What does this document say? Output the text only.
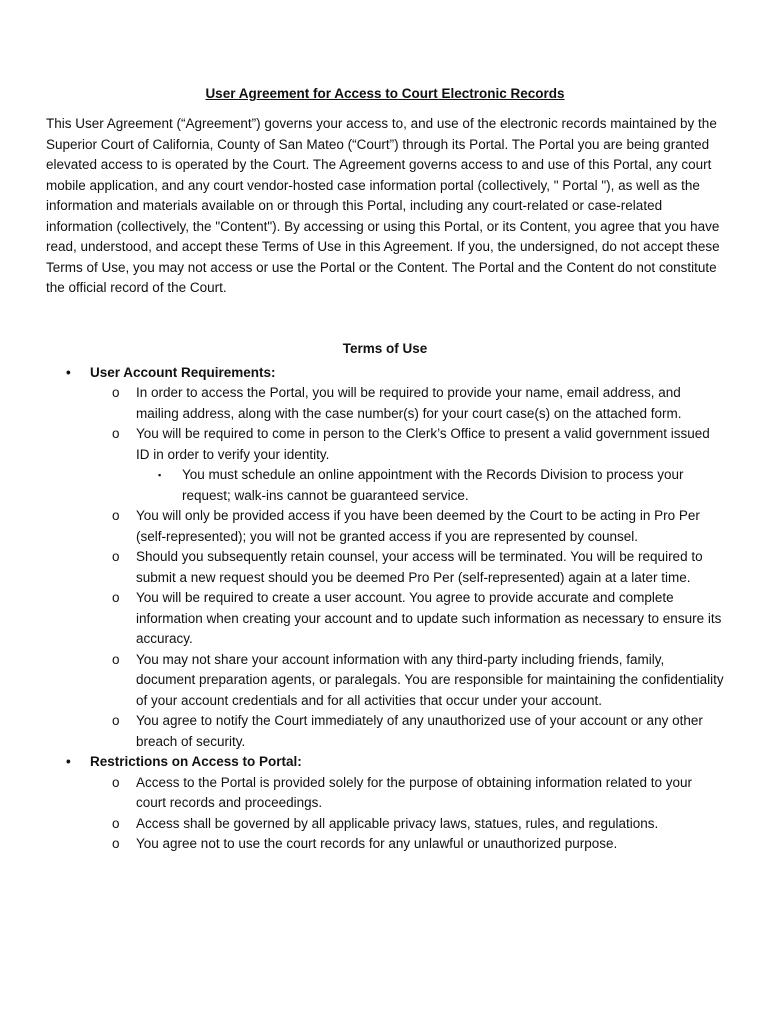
User Agreement for Access to Court Electronic Records

This User Agreement (“Agreement”) governs your access to, and use of the electronic records maintained by the Superior Court of California, County of San Mateo (“Court”) through its Portal. The Portal you are being granted elevated access to is operated by the Court. The Agreement governs access to and use of this Portal, any court mobile application, and any court vendor-hosted case information portal (collectively, " Portal "), as well as the information and materials available on or through this Portal, including any court-related or case-related information (collectively, the "Content"). By accessing or using this Portal, or its Content, you agree that you have read, understood, and accept these Terms of Use in this Agreement. If you, the undersigned, do not accept these Terms of Use, you may not access or use the Portal or the Content. The Portal and the Content do not constitute the official record of the Court.

Terms of Use
• User Account Requirements:
o In order to access the Portal, you will be required to provide your name, email address, and mailing address, along with the case number(s) for your court case(s) on the attached form.
o You will be required to come in person to the Clerk’s Office to present a valid government issued ID in order to verify your identity.
▪ You must schedule an online appointment with the Records Division to process your request; walk-ins cannot be guaranteed service.
o You will only be provided access if you have been deemed by the Court to be acting in Pro Per (self-represented); you will not be granted access if you are represented by counsel.
o Should you subsequently retain counsel, your access will be terminated. You will be required to submit a new request should you be deemed Pro Per (self-represented) again at a later time.
o You will be required to create a user account. You agree to provide accurate and complete information when creating your account and to update such information as necessary to ensure its accuracy.
o You may not share your account information with any third-party including friends, family, document preparation agents, or paralegals. You are responsible for maintaining the confidentiality of your account credentials and for all activities that occur under your account.
o You agree to notify the Court immediately of any unauthorized use of your account or any other breach of security.
• Restrictions on Access to Portal:
o Access to the Portal is provided solely for the purpose of obtaining information related to your court records and proceedings.
o Access shall be governed by all applicable privacy laws, statues, rules, and regulations.
o You agree not to use the court records for any unlawful or unauthorized purpose.
